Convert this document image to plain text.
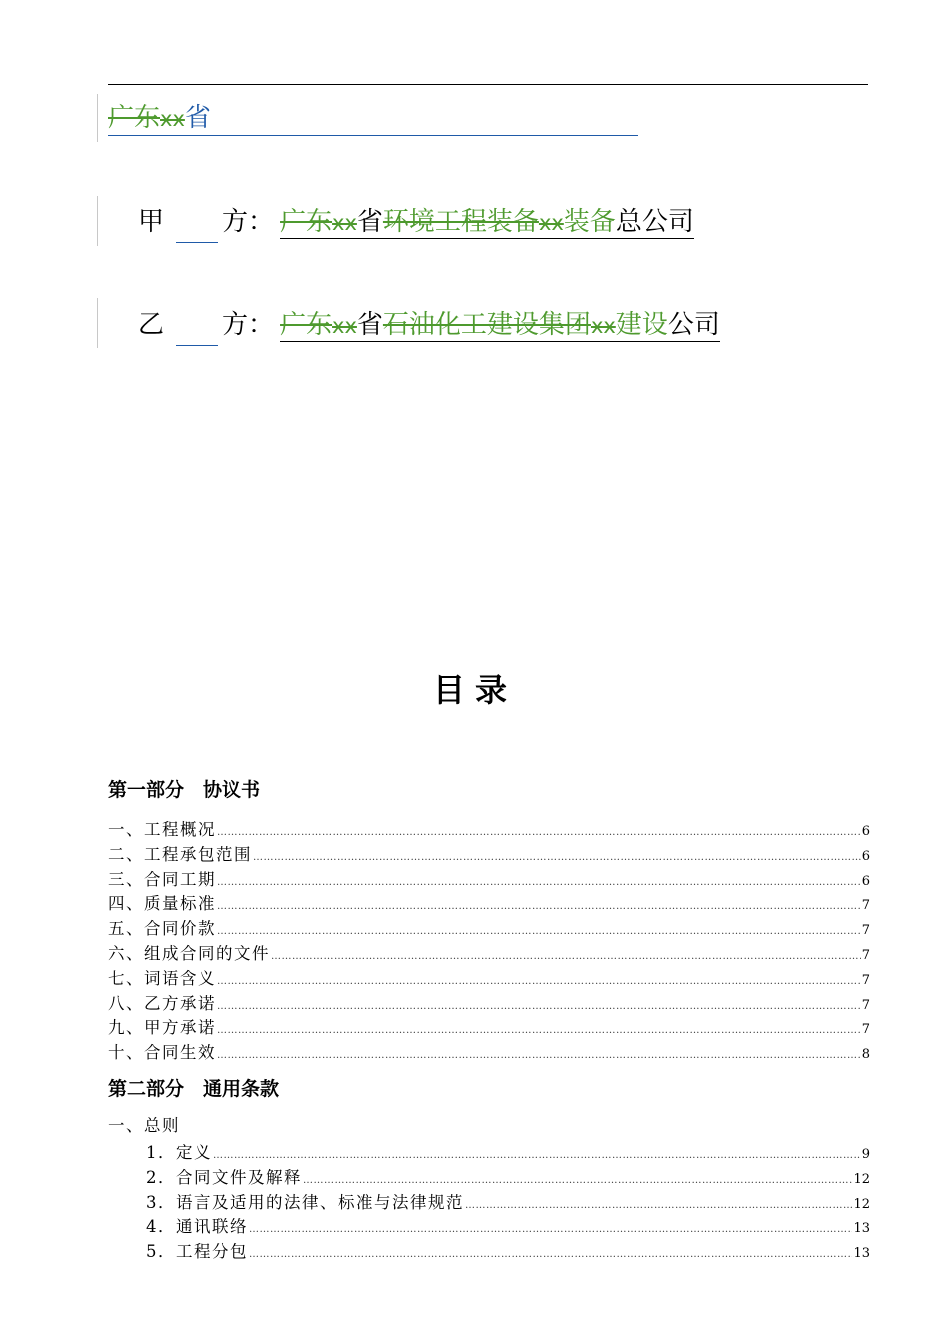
广东xx省
甲 方： 广东xx省环境工程装备xx装备总公司
乙 方： 广东xx省石油化工建设集团xx建设公司
目录
第一部分　协议书
一、工程概况 …………………………………………………………………………………………………………………………………………………………………………………………………………………………………………………………………………………	6
二、工程承包范围 …………………………………………………………………………………………………………………………………………………………………………………………………………………………………………………………………………………	6
三、合同工期 …………………………………………………………………………………………………………………………………………………………………………………………………………………………………………………………………………………	6
四、质量标准 …………………………………………………………………………………………………………………………………………………………………………………………………………………………………………………………………………………	7
五、合同价款 …………………………………………………………………………………………………………………………………………………………………………………………………………………………………………………………………………………	7
六、组成合同的文件 …………………………………………………………………………………………………………………………………………………………………………………………………………………………………………………………………………………	7
七、词语含义 …………………………………………………………………………………………………………………………………………………………………………………………………………………………………………………………………………………	7
八、乙方承诺 …………………………………………………………………………………………………………………………………………………………………………………………………………………………………………………………………………………	7
九、甲方承诺 …………………………………………………………………………………………………………………………………………………………………………………………………………………………………………………………………………………	7
十、合同生效 …………………………………………………………………………………………………………………………………………………………………………………………………………………………………………………………………………………	8
第二部分　通用条款
一、总则
1．定义 …………………………………………………………………………………………………………………………………………………………………………………………………………………………………………………………………………………	9
2．合同文件及解释 …………………………………………………………………………………………………………………………………………………………………………………………………………………………………………………………………………………	12
3．语言及适用的法律、标准与法律规范 …………………………………………………………………………………………………………………………………………………………………………………………………………………………………………………………………………………	12
4．通讯联络 …………………………………………………………………………………………………………………………………………………………………………………………………………………………………………………………………………………	13
5．工程分包 …………………………………………………………………………………………………………………………………………………………………………………………………………………………………………………………………………………	13
